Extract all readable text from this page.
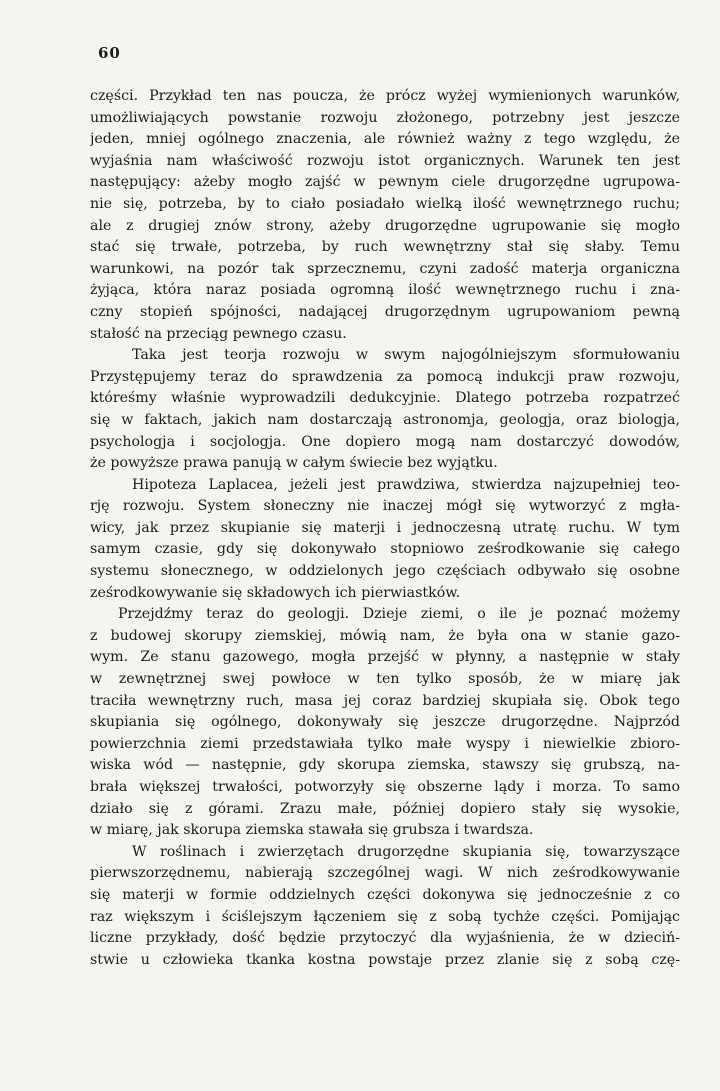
60
części. Przykład ten nas poucza, że prócz wyżej wymienionych warunków,
umożliwiających powstanie rozwoju złożonego, potrzebny jest jeszcze
jeden, mniej ogólnego znaczenia, ale również ważny z tego względu, że
wyjaśnia nam właściwość rozwoju istot organicznych. Warunek ten jest
następujący: ażeby mogło zajść w pewnym ciele drugorzędne ugrupowa-
nie się, potrzeba, by to ciało posiadało wielką ilość wewnętrznego ruchu;
ale z drugiej znów strony, ażeby drugorzędne ugrupowanie się mogło
stać się trwałe, potrzeba, by ruch wewnętrzny stał się słaby. Temu
warunkowi, na pozór tak sprzecznemu, czyni zadość materja organiczna
żyjąca, która naraz posiada ogromną ilość wewnętrznego ruchu i zna-
czny stopień spójności, nadającej drugorzędnym ugrupowaniom pewną
stałość na przeciąg pewnego czasu.
Taka jest teorja rozwoju w swym najogólniejszym sformułowaniu
Przystępujemy teraz do sprawdzenia za pomocą indukcji praw rozwoju,
któreśmy właśnie wyprowadzili dedukcyjnie. Dlatego potrzeba rozpatrzeć
się w faktach, jakich nam dostarczają astronomja, geologja, oraz biologja,
psychologja i socjologja. One dopiero mogą nam dostarczyć dowodów,
że powyższe prawa panują w całym świecie bez wyjątku.
Hipoteza Laplacea, jeżeli jest prawdziwa, stwierdza najzupełniej teo-
rję rozwoju. System słoneczny nie inaczej mógł się wytworzyć z mgła-
wicy, jak przez skupianie się materji i jednoczesną utratę ruchu. W tym
samym czasie, gdy się dokonywało stopniowo ześrodkowanie się całego
systemu słonecznego, w oddzielonych jego częściach odbywało się osobne
ześrodkowywanie się składowych ich pierwiastków.
Przejdźmy teraz do geologji. Dzieje ziemi, o ile je poznać możemy
z budowej skorupy ziemskiej, mówią nam, że była ona w stanie gazo-
wym. Ze stanu gazowego, mogła przejść w płynny, a następnie w stały
w zewnętrznej swej powłoce w ten tylko sposób, że w miarę jak
traciła wewnętrzny ruch, masa jej coraz bardziej skupiała się. Obok tego
skupiania się ogólnego, dokonywały się jeszcze drugorzędne. Najprzód
powierzchnia ziemi przedstawiała tylko małe wyspy i niewielkie zbioro-
wiska wód — następnie, gdy skorupa ziemska, stawszy się grubszą, na-
brała większej trwałości, potworzyły się obszerne lądy i morza. To samo
działo się z górami. Zrazu małe, później dopiero stały się wysokie,
w miarę, jak skorupa ziemska stawała się grubsza i twardsza.
W roślinach i zwierzętach drugorzędne skupiania się, towarzyszące
pierwszorzędnemu, nabierają szczególnej wagi. W nich ześrodkowywanie
się materji w formie oddzielnych części dokonywa się jednocześnie z co
raz większym i ściślejszym łączeniem się z sobą tychże części. Pomijając
liczne przykłady, dość będzie przytoczyć dla wyjaśnienia, że w dzieciń-
stwie u człowieka tkanka kostna powstaje przez zlanie się z sobą czę-
